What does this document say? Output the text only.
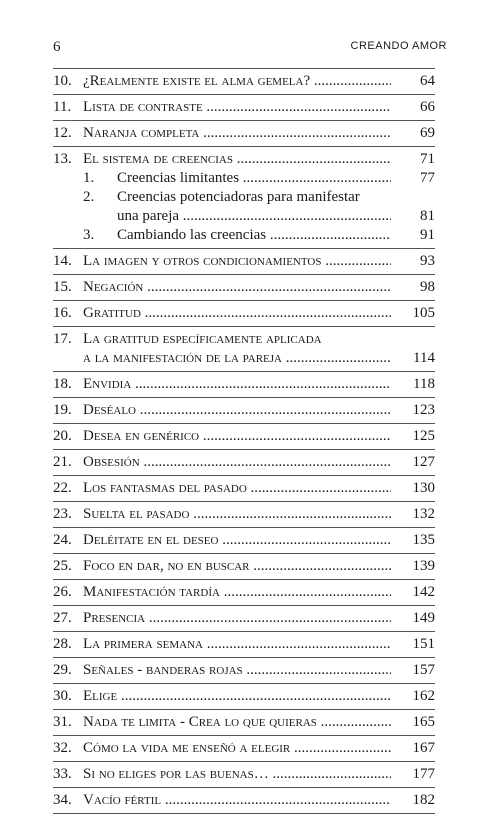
6	CREANDO AMOR
10. ¿Realmente existe el alma gemela? .....	64
11. Lista de contraste .....	66
12. Naranja completa .....	69
13. El sistema de creencias .....	71
1.	Creencias limitantes .....	77
2.	Creencias potenciadoras para manifestar
una pareja .....	81
3.	Cambiando las creencias .....	91
14. La imagen y otros condicionamientos .....	93
15. Negación .....	98
16. Gratitud .....	105
17. La gratitud específicamente aplicada
a la manifestación de la pareja .....	114
18. Envidia .....	118
19. Deséalo .....	123
20. Desea en genérico .....	125
21. Obsesión .....	127
22. Los fantasmas del pasado .....	130
23. Suelta el pasado .....	132
24. Deléitate en el deseo .....	135
25. Foco en dar, no en buscar .....	139
26. Manifestación tardía .....	142
27. Presencia .....	149
28. La primera semana .....	151
29. Señales - banderas rojas .....	157
30. Elige .....	162
31. Nada te limita - Crea lo que quieras .....	165
32. Cómo la vida me enseñó a elegir .....	167
33. Si no eliges por las buenas… .....	177
34. Vacío fértil .....	182
